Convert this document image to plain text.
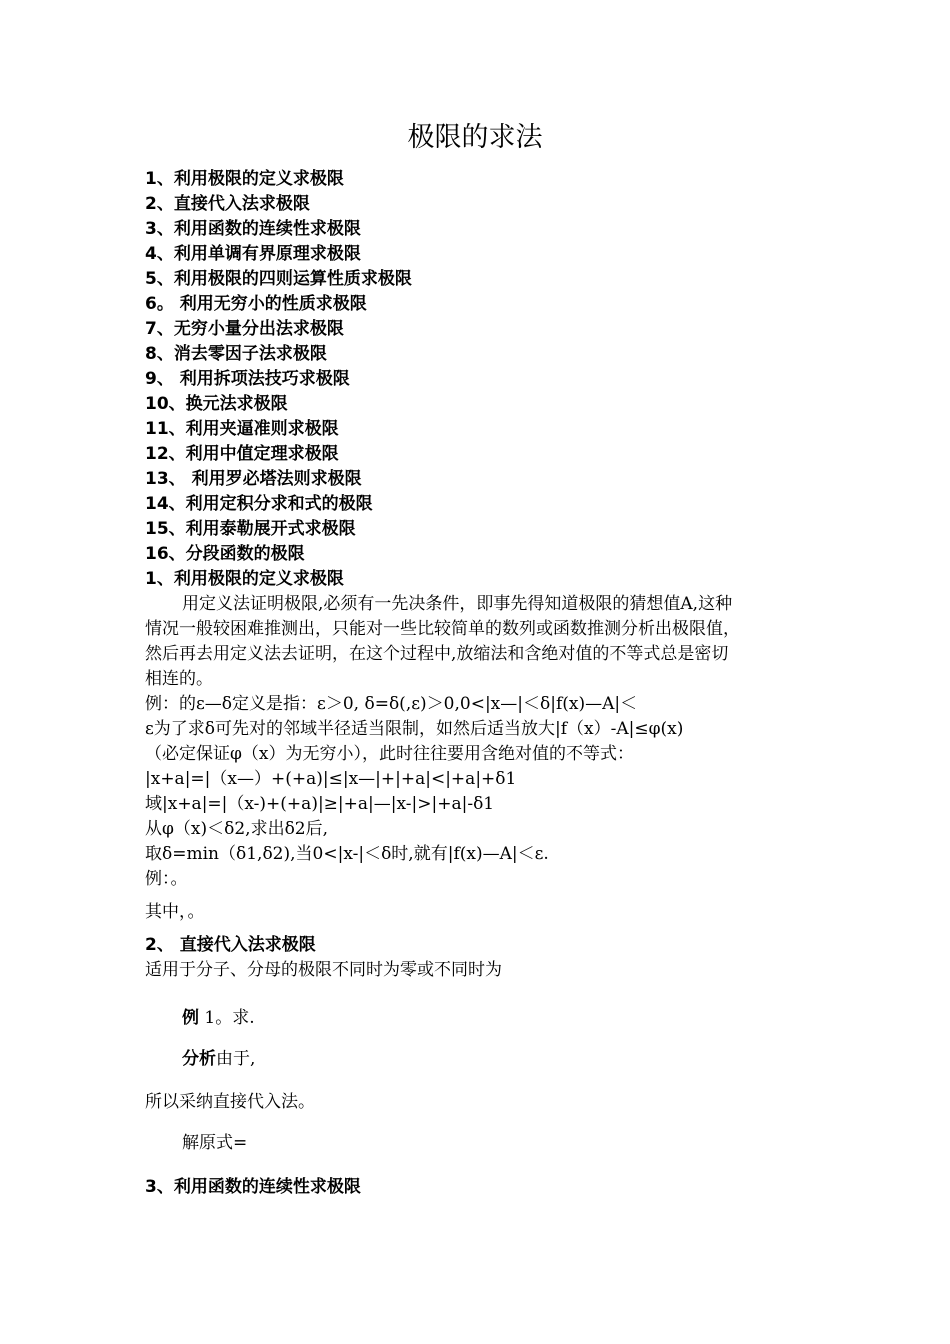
极限的求法
1、利用极限的定义求极限
2、直接代入法求极限
3、利用函数的连续性求极限
4、利用单调有界原理求极限
5、利用极限的四则运算性质求极限
6。 利用无穷小的性质求极限
7、无穷小量分出法求极限
8、消去零因子法求极限
9、 利用拆项法技巧求极限
10、换元法求极限
11、利用夹逼准则求极限
12、利用中值定理求极限
13、 利用罗必塔法则求极限
14、利用定积分求和式的极限
15、利用泰勒展开式求极限
16、分段函数的极限
1、利用极限的定义求极限
用定义法证明极限,必须有一先决条件，即事先得知道极限的猜想值A,这种
情况一般较困难推测出，只能对一些比较简单的数列或函数推测分析出极限值，
然后再去用定义法去证明，在这个过程中,放缩法和含绝对值的不等式总是密切
相连的。
例：的ε—δ定义是指：ε＞0, δ=δ(,ε)＞0,0<|x—|＜δ|f(x)—A|＜
ε为了求δ可先对的邻域半径适当限制，如然后适当放大|f（x）-A|≤φ(x)
（必定保证φ（x）为无穷小），此时往往要用含绝对值的不等式：
|x+a|=|（x—）+(+a)|≤|x—|+|+a|<|+a|+δ1
域|x+a|=|（x-)+(+a)|≥|+a|—|x-|>|+a|-δ1
从φ（x)＜δ2,求出δ2后,
取δ=min（δ1,δ2),当0<|x-|＜δ时,就有|f(x)—A|＜ε.
例：。
其中，。
2、 直接代入法求极限
适用于分子、分母的极限不同时为零或不同时为
例 1。求.
分析由于,
所以采纳直接代入法。
解原式=
3、利用函数的连续性求极限
